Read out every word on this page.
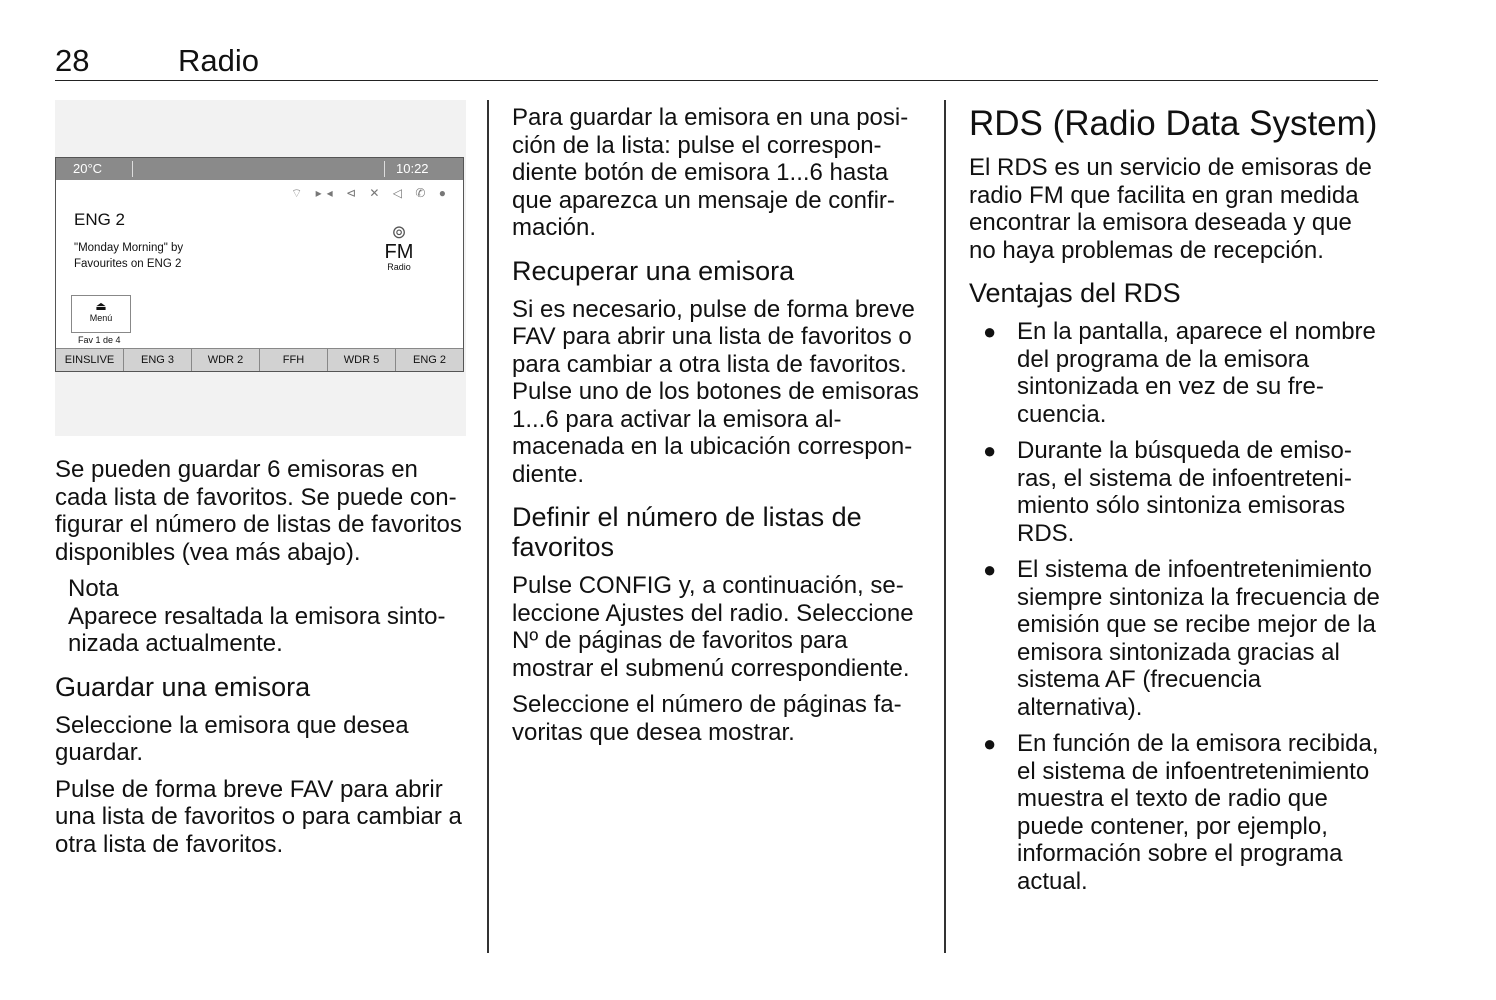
28	Radio
20°C	10:22
⌔ ▸◂ ⊲ ✕ ◁ ✆ ●
ENG 2
"Monday Morning" by
Favourites on ENG 2
⊚
FM
Radio
⏏
Menú
Fav 1 de 4
EINSLIVE	ENG 3	WDR 2	FFH	WDR 5	ENG 2

Se pueden guardar 6 emisoras en cada lista de favoritos. Se puede configurar el número de listas de favoritos disponibles (vea más abajo).

Nota
Aparece resaltada la emisora sintonizada actualmente.
Guardar una emisora

Seleccione la emisora que desea guardar.

Pulse de forma breve FAV para abrir una lista de favoritos o para cambiar a otra lista de favoritos.

Para guardar la emisora en una posición de la lista: pulse el correspondiente botón de emisora 1...6 hasta que aparezca un mensaje de confirmación.

Recuperar una emisora

Si es necesario, pulse de forma breve FAV para abrir una lista de favoritos o para cambiar a otra lista de favoritos. Pulse uno de los botones de emisoras 1...6 para activar la emisora almacenada en la ubicación correspondiente.

Definir el número de listas de favoritos

Pulse CONFIG y, a continuación, seleccione Ajustes del radio. Seleccione Nº de páginas de favoritos para mostrar el submenú correspondiente.

Seleccione el número de páginas favoritas que desea mostrar.

RDS (Radio Data System)

El RDS es un servicio de emisoras de radio FM que facilita en gran medida encontrar la emisora deseada y que no haya problemas de recepción.

Ventajas del RDS
● En la pantalla, aparece el nombre del programa de la emisora sintonizada en vez de su frecuencia.
● Durante la búsqueda de emisoras, el sistema de infoentretenimiento sólo sintoniza emisoras RDS.
● El sistema de infoentretenimiento siempre sintoniza la frecuencia de emisión que se recibe mejor de la emisora sintonizada gracias al sistema AF (frecuencia alternativa).
● En función de la emisora recibida, el sistema de infoentretenimiento muestra el texto de radio que puede contener, por ejemplo, información sobre el programa actual.
